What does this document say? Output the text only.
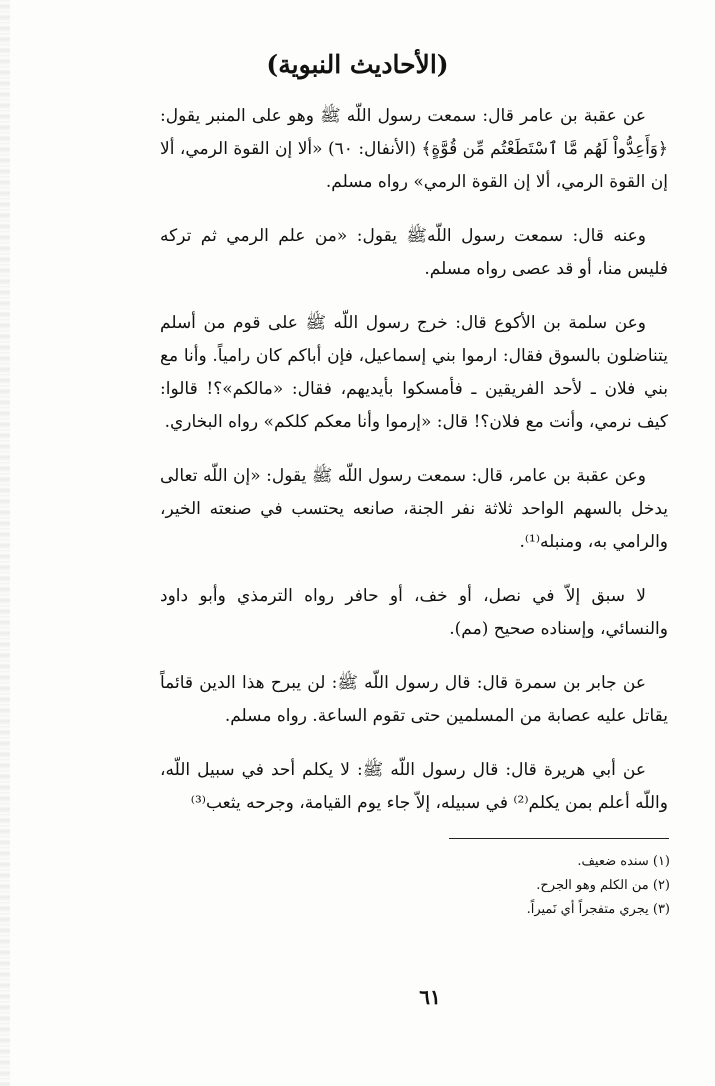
(الأحاديث النبوية)

عن عقبة بن عامر قال: سمعت رسول اللّه ﷺ وهو على المنبر يقول: ﴿وَأَعِدُّواْ لَهُم مَّا ٱسْتَطَعْتُم مِّن قُوَّةٍ﴾ (الأنفال: ٦٠) «ألا إن القوة الرمي، ألا إن القوة الرمي، ألا إن القوة الرمي» رواه مسلم.

وعنه قال: سمعت رسول اللّهﷺ يقول: «من علم الرمي ثم تركه فليس منا، أو قد عصى رواه مسلم.

وعن سلمة بن الأكوع قال: خرج رسول اللّه ﷺ على قوم من أسلم يتناضلون بالسوق فقال: ارموا بني إسماعيل، فإن أباكم كان رامياً. وأنا مع بني فلان ـ لأحد الفريقين ـ فأمسكوا بأيديهم، فقال: «مالكم»؟! قالوا: كيف نرمي، وأنت مع فلان؟! قال: «إرموا وأنا معكم كلكم» رواه البخاري.

وعن عقبة بن عامر، قال: سمعت رسول اللّه ﷺ يقول: «إن اللّه تعالى يدخل بالسهم الواحد ثلاثة نفر الجنة، صانعه يحتسب في صنعته الخير، والرامي به، ومنبله⁽¹⁾.

لا سبق إلاّ في نصل، أو خف، أو حافر رواه الترمذي وأبو داود والنسائي، وإسناده صحيح (مم).

عن جابر بن سمرة قال: قال رسول اللّه ﷺ: لن يبرح هذا الدين قائماً يقاتل عليه عصابة من المسلمين حتى تقوم الساعة. رواه مسلم.

عن أبي هريرة قال: قال رسول اللّه ﷺ: لا يكلم أحد في سبيل اللّه، واللّه أعلم بمن يكلم⁽²⁾ في سبيله، إلاّ جاء يوم القيامة، وجرحه يثعب⁽³⁾

(١) سنده ضعيف.

(٢) من الكلم وهو الجرح.

(٣) يجري متفجراً أي نَميراً.

٦١
